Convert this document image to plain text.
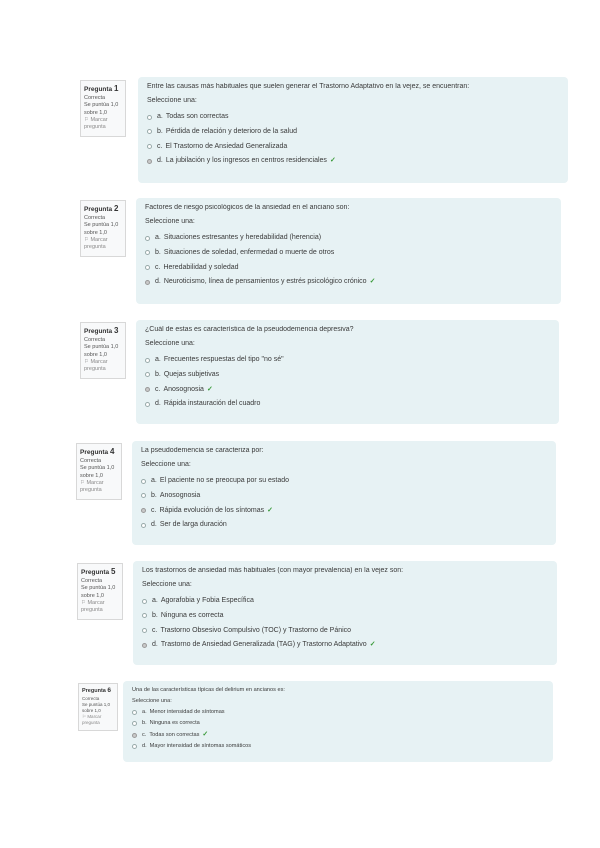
Pregunta 1
Correcta
Se puntúa 1,0 sobre 1,0
⚐ Marcar pregunta
Entre las causas más habituales que suelen generar el Trastorno Adaptativo en la vejez, se encuentran:
Seleccione una:
a. Todas son correctas
b. Pérdida de relación y deterioro de la salud
c. El Trastorno de Ansiedad Generalizada
d. La jubilación y los ingresos en centros residenciales ✓
Pregunta 2
Correcta
Se puntúa 1,0 sobre 1,0
⚐ Marcar pregunta
Factores de riesgo psicológicos de la ansiedad en el anciano son:
Seleccione una:
a. Situaciones estresantes y heredabilidad (herencia)
b. Situaciones de soledad, enfermedad o muerte de otros
c. Heredabilidad y soledad
d. Neuroticismo, línea de pensamientos y estrés psicológico crónico ✓
Pregunta 3
Correcta
Se puntúa 1,0 sobre 1,0
⚐ Marcar pregunta
¿Cuál de estas es característica de la pseudodemencia depresiva?
Seleccione una:
a. Frecuentes respuestas del tipo "no sé"
b. Quejas subjetivas
c. Anosognosia ✓
d. Rápida instauración del cuadro
Pregunta 4
Correcta
Se puntúa 1,0 sobre 1,0
⚐ Marcar pregunta
La pseudodemencia se caracteriza por:
Seleccione una:
a. El paciente no se preocupa por su estado
b. Anosognosia
c. Rápida evolución de los síntomas ✓
d. Ser de larga duración
Pregunta 5
Correcta
Se puntúa 1,0 sobre 1,0
⚐ Marcar pregunta
Los trastornos de ansiedad más habituales (con mayor prevalencia) en la vejez son:
Seleccione una:
a. Agorafobia y Fobia Específica
b. Ninguna es correcta
c. Trastorno Obsesivo Compulsivo (TOC) y Trastorno de Pánico
d. Trastorno de Ansiedad Generalizada (TAG) y Trastorno Adaptativo ✓
Pregunta 6
Correcta
Se puntúa 1,0 sobre 1,0
⚐ Marcar pregunta
Una de las características típicas del delirium en ancianos es:
Seleccione una:
a. Menor intensidad de síntomas
b. Ninguna es correcta
c. Todas son correctas ✓
d. Mayor intensidad de síntomas somáticos
